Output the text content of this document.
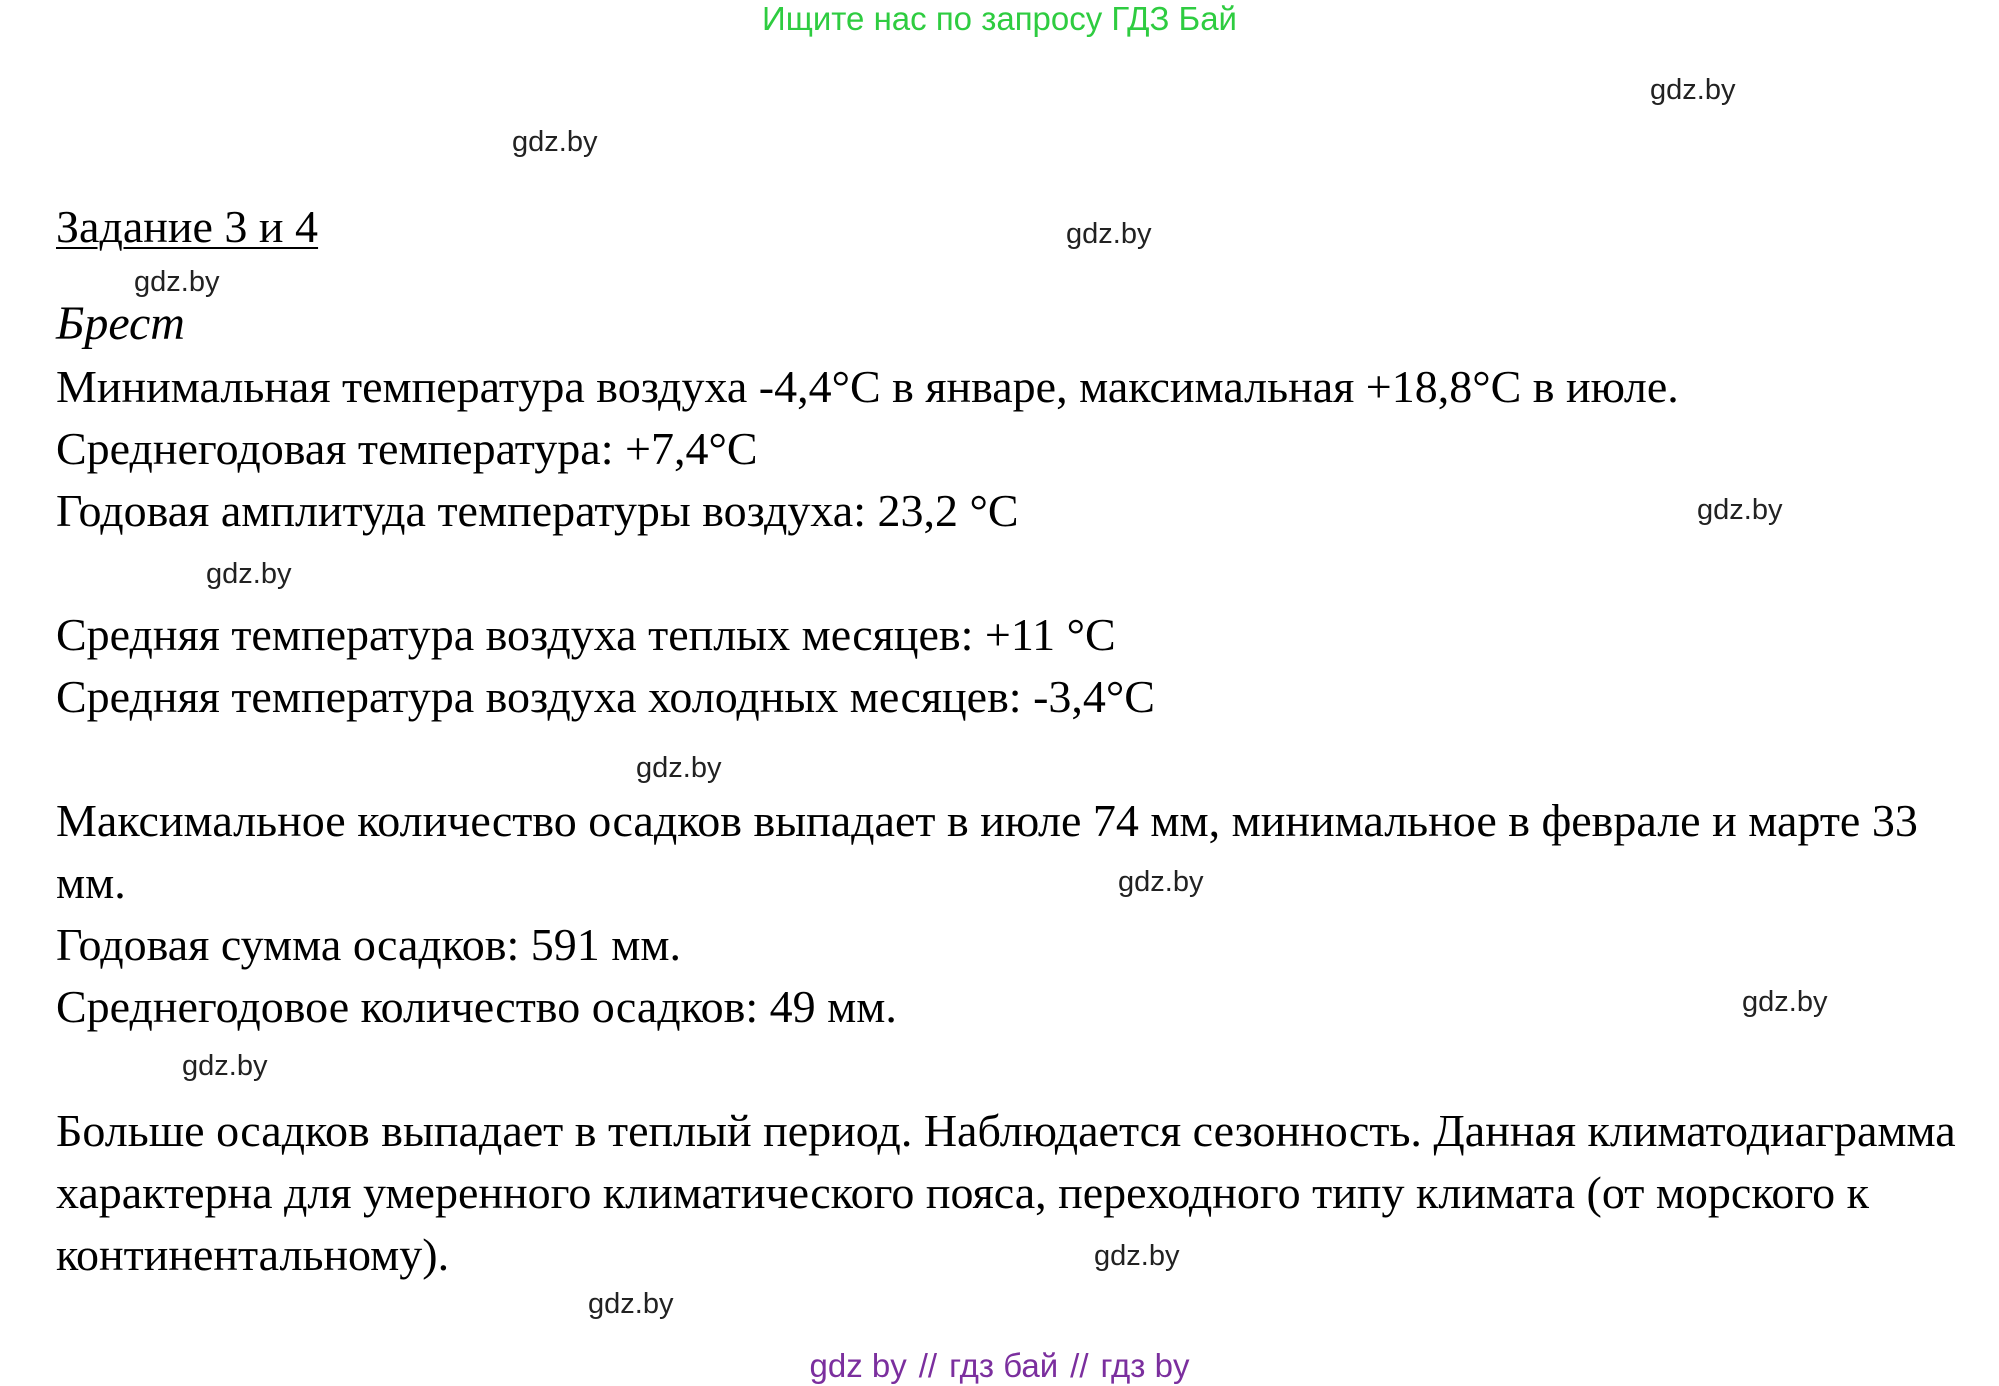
Ищите нас по запросу ГДЗ Бай
gdz.by
gdz.by
gdz.by
gdz.by
gdz.by
gdz.by
gdz.by
gdz.by
gdz.by
gdz.by
gdz.by
gdz.by
Задание 3 и 4
Брест
Минимальная температура воздуха -4,4°C в январе, максимальная +18,8°C в июле.
Среднегодовая температура: +7,4°C
Годовая амплитуда температуры воздуха: 23,2 °C
Средняя температура воздуха теплых месяцев: +11 °C
Средняя температура воздуха холодных месяцев: -3,4°C
Максимальное количество осадков выпадает в июле 74 мм, минимальное в феврале и марте 33 мм.
Годовая сумма осадков: 591 мм.
Среднегодовое количество осадков: 49 мм.
Больше осадков выпадает в теплый период. Наблюдается сезонность. Данная климатодиаграмма характерна для умеренного климатического пояса, переходного типу климата (от морского к континентальному).
gdz by // гдз бай // гдз by
